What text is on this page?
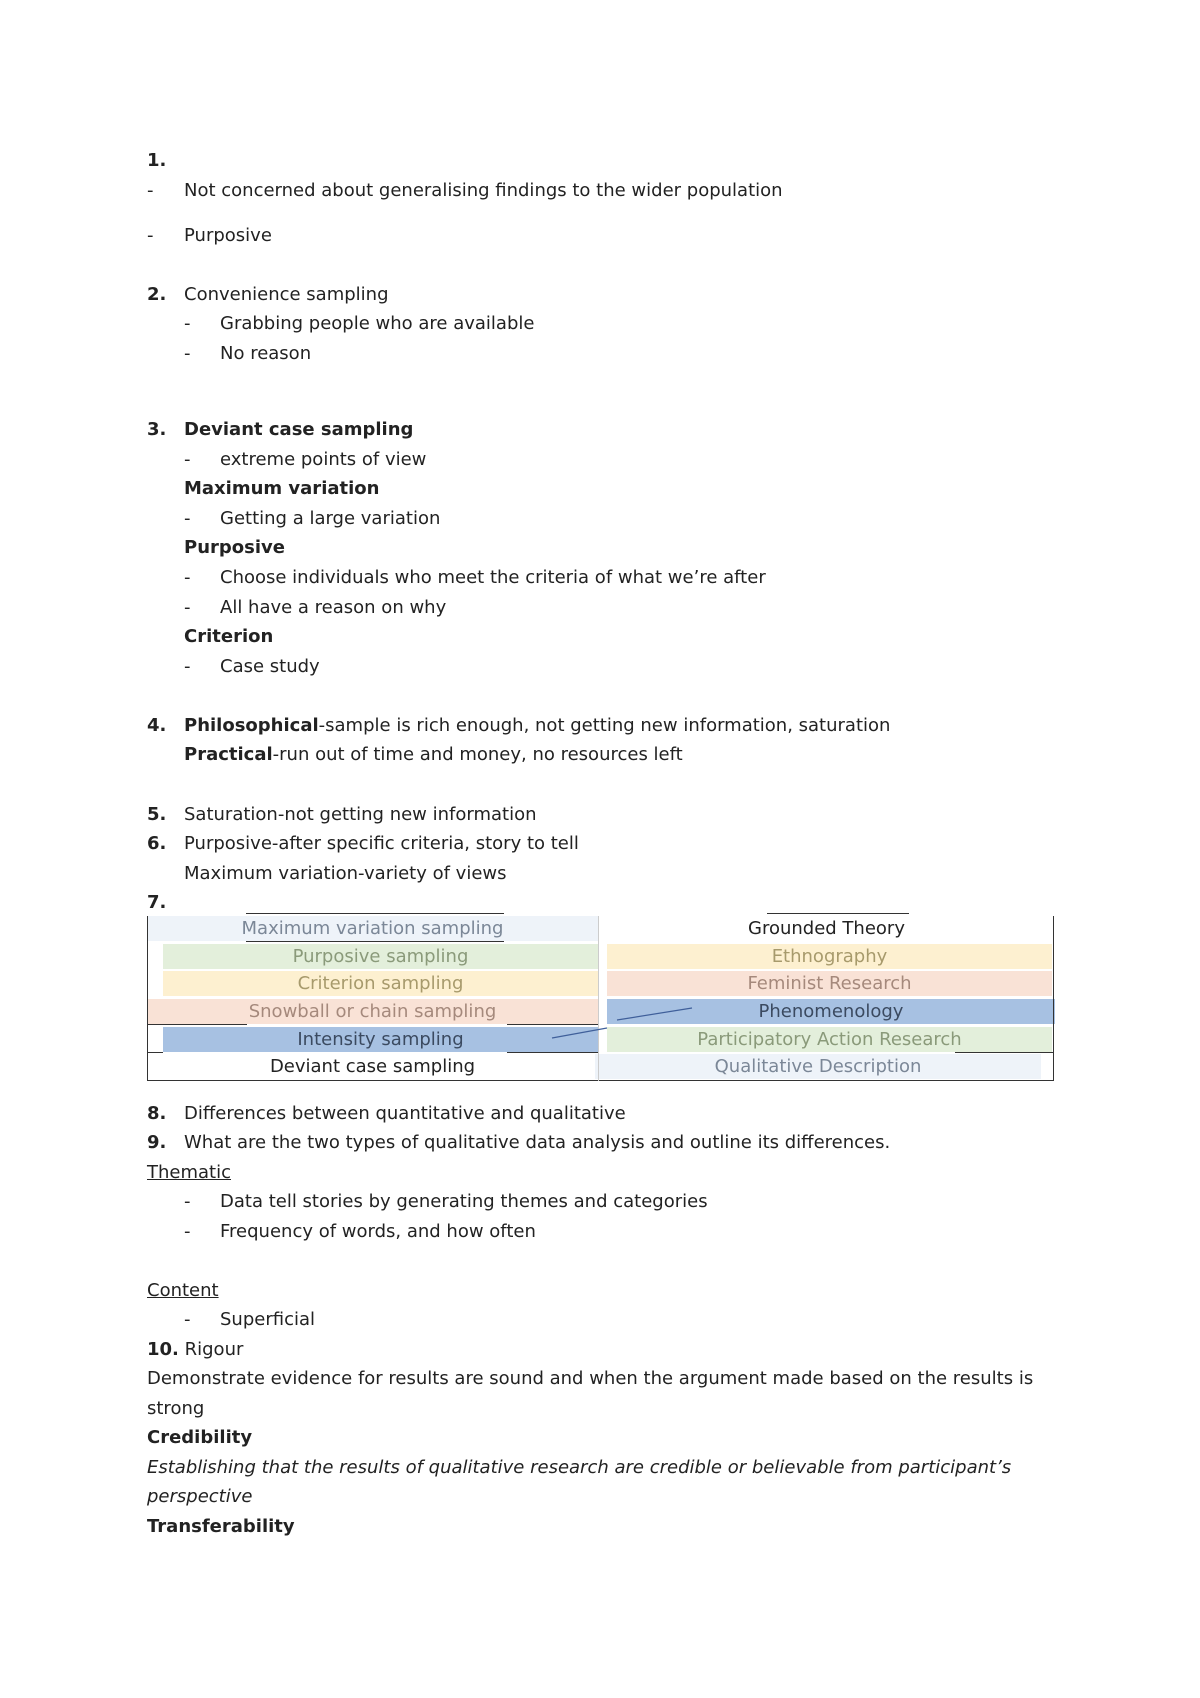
1.
- Not concerned about generalising findings to the wider population
- Purposive
2. Convenience sampling
- Grabbing people who are available
- No reason
3. Deviant case sampling
- extreme points of view
Maximum variation
- Getting a large variation
Purposive
- Choose individuals who meet the criteria of what we’re after
- All have a reason on why
Criterion
- Case study
4. Philosophical-sample is rich enough, not getting new information, saturation
Practical-run out of time and money, no resources left
5. Saturation-not getting new information
6. Purposive-after specific criteria, story to tell
Maximum variation-variety of views
7.
Maximum variation sampling
Purposive sampling
Criterion sampling
Snowball or chain sampling
Intensity sampling
Deviant case sampling
Grounded Theory
Ethnography
Feminist Research
Phenomenology
Participatory Action Research
Qualitative Description
8. Differences between quantitative and qualitative
9. What are the two types of qualitative data analysis and outline its differences.
Thematic
- Data tell stories by generating themes and categories
- Frequency of words, and how often
Content
- Superficial
10. Rigour
Demonstrate evidence for results are sound and when the argument made based on the results is
strong
Credibility
Establishing that the results of qualitative research are credible or believable from participant’s
perspective
Transferability
